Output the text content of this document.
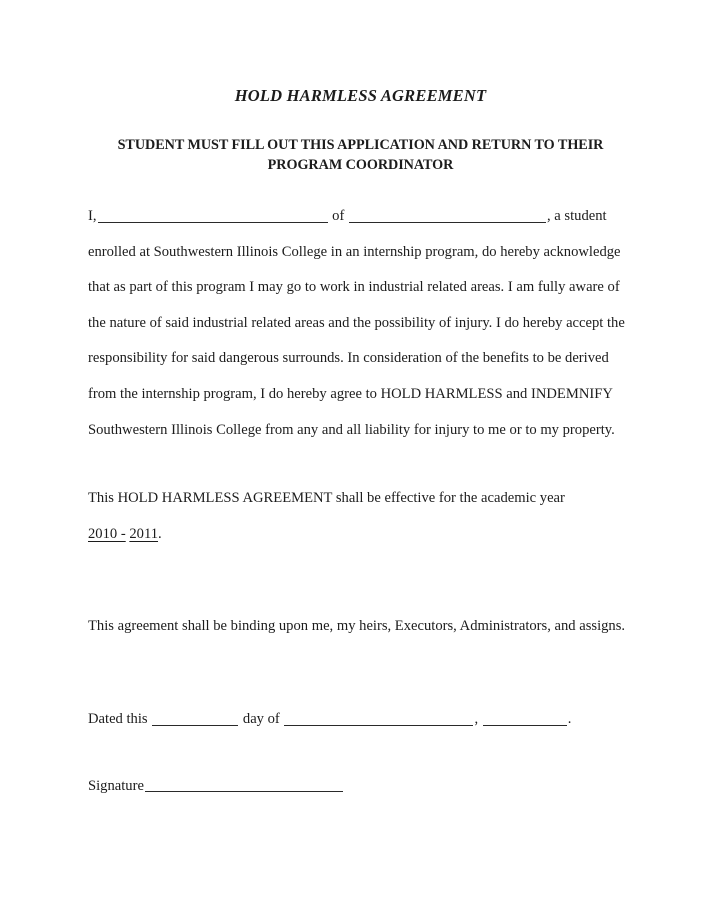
HOLD HARMLESS AGREEMENT
STUDENT MUST FILL OUT THIS APPLICATION AND RETURN TO THEIR PROGRAM COORDINATOR

I,	of	, a student enrolled at Southwestern Illinois College in an internship program, do hereby acknowledge that as part of this program I may go to work in industrial related areas. I am fully aware of the nature of said industrial related areas and the possibility of injury. I do hereby accept the responsibility for said dangerous surrounds. In consideration of the benefits to be derived from the internship program, I do hereby agree to HOLD HARMLESS and INDEMNIFY Southwestern Illinois College from any and all liability for injury to me or to my property.

This HOLD HARMLESS AGREEMENT shall be effective for the academic year
2010 - 2011.

This agreement shall be binding upon me, my heirs, Executors, Administrators, and assigns.

Dated this	day of	,	.

Signature
